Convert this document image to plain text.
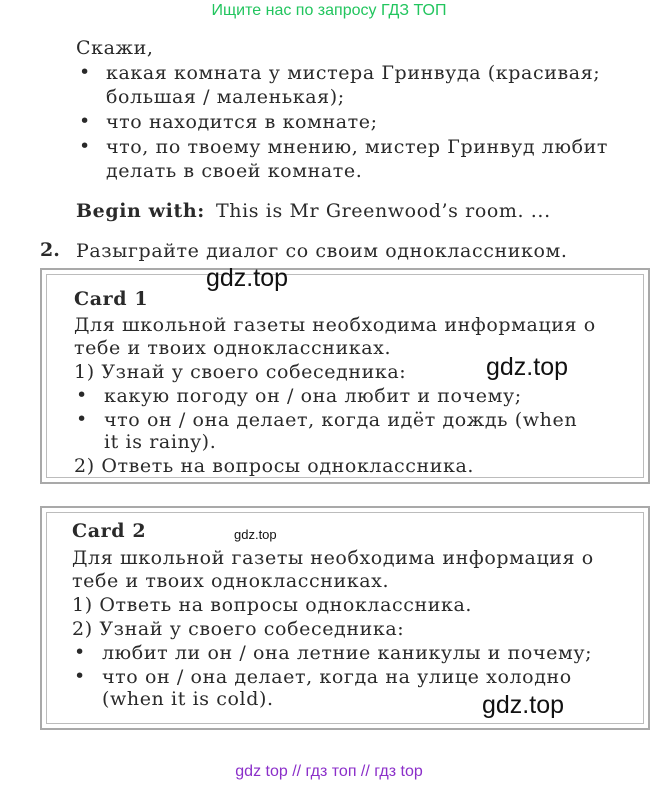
Ищите нас по запросу ГДЗ ТОП
Скажи,
• какая комната у мистера Гринвуда (красивая;
большая / маленькая);
• что находится в комнате;
• что, по твоему мнению, мистер Гринвуд любит
делать в своей комнате.
Begin with: This is Mr Greenwood’s room. ...
2. Разыграйте диалог со своим одноклассником.
Card 1
Для школьной газеты необходима информация о
тебе и твоих одноклассниках.
1) Узнай у своего собеседника:
• какую погоду он / она любит и почему;
• что он / она делает, когда идёт дождь (when
it is rainy).
2) Ответь на вопросы одноклассника.
Card 2
Для школьной газеты необходима информация о
тебе и твоих одноклассниках.
1) Ответь на вопросы одноклассника.
2) Узнай у своего собеседника:
• любит ли он / она летние каникулы и почему;
• что он / она делает, когда на улице холодно
(when it is cold).
gdz.top
gdz.top
gdz.top
gdz.top
gdz top // гдз топ // гдз top
